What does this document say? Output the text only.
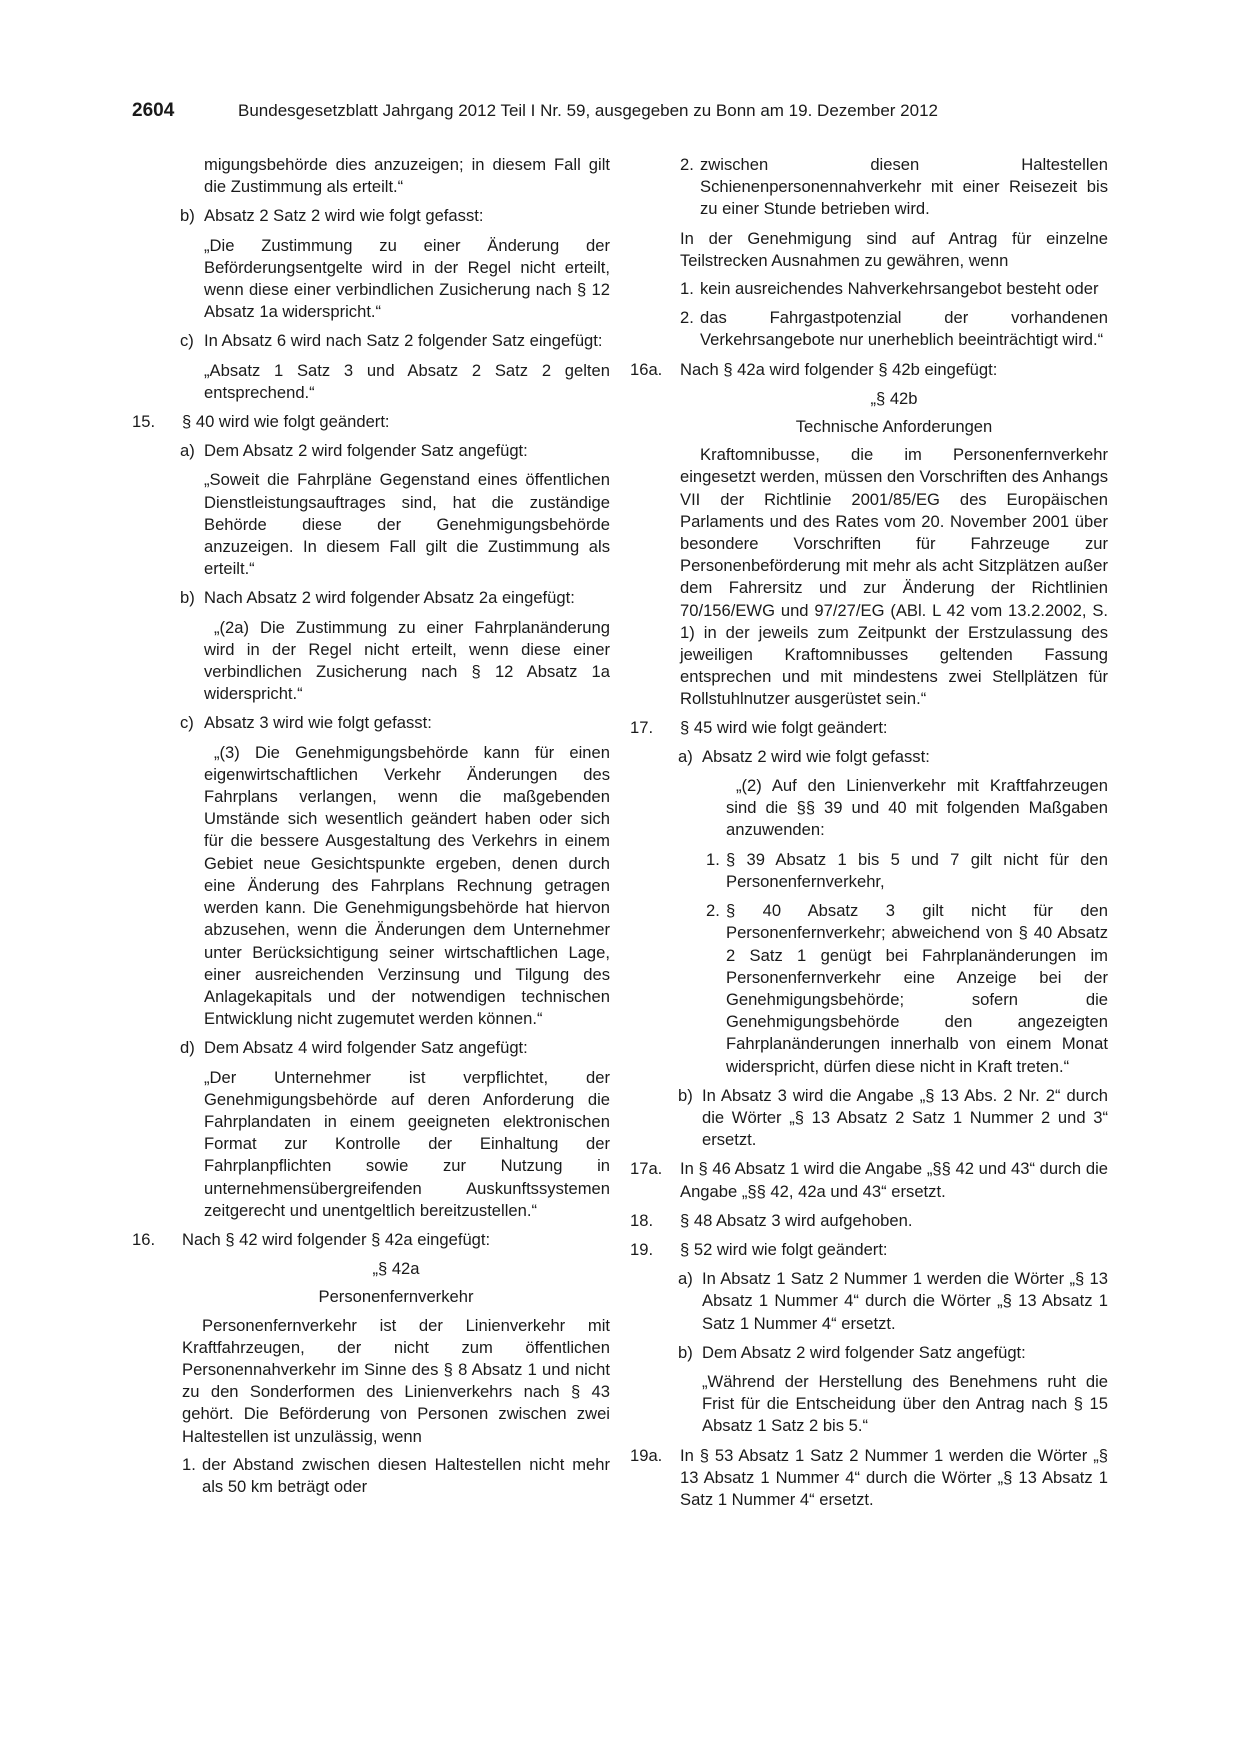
2604	Bundesgesetzblatt Jahrgang 2012 Teil I Nr. 59, ausgegeben zu Bonn am 19. Dezember 2012

migungsbehörde dies anzuzeigen; in diesem Fall gilt die Zustimmung als erteilt.“

b) Absatz 2 Satz 2 wird wie folgt gefasst:

„Die Zustimmung zu einer Änderung der Beförderungsentgelte wird in der Regel nicht erteilt, wenn diese einer verbindlichen Zusicherung nach § 12 Absatz 1a widerspricht.“

c) In Absatz 6 wird nach Satz 2 folgender Satz eingefügt:

„Absatz 1 Satz 3 und Absatz 2 Satz 2 gelten entsprechend.“

15. § 40 wird wie folgt geändert:

a) Dem Absatz 2 wird folgender Satz angefügt:

„Soweit die Fahrpläne Gegenstand eines öffentlichen Dienstleistungsauftrages sind, hat die zuständige Behörde diese der Genehmigungsbehörde anzuzeigen. In diesem Fall gilt die Zustimmung als erteilt.“

b) Nach Absatz 2 wird folgender Absatz 2a eingefügt:

„(2a) Die Zustimmung zu einer Fahrplanänderung wird in der Regel nicht erteilt, wenn diese einer verbindlichen Zusicherung nach § 12 Absatz 1a widerspricht.“

c) Absatz 3 wird wie folgt gefasst:

„(3) Die Genehmigungsbehörde kann für einen eigenwirtschaftlichen Verkehr Änderungen des Fahrplans verlangen, wenn die maßgebenden Umstände sich wesentlich geändert haben oder sich für die bessere Ausgestaltung des Verkehrs in einem Gebiet neue Gesichtspunkte ergeben, denen durch eine Änderung des Fahrplans Rechnung getragen werden kann. Die Genehmigungsbehörde hat hiervon abzusehen, wenn die Änderungen dem Unternehmer unter Berücksichtigung seiner wirtschaftlichen Lage, einer ausreichenden Verzinsung und Tilgung des Anlagekapitals und der notwendigen technischen Entwicklung nicht zugemutet werden können.“

d) Dem Absatz 4 wird folgender Satz angefügt:

„Der Unternehmer ist verpflichtet, der Genehmigungsbehörde auf deren Anforderung die Fahrplandaten in einem geeigneten elektronischen Format zur Kontrolle der Einhaltung der Fahrplanpflichten sowie zur Nutzung in unternehmensübergreifenden Auskunftssystemen zeitgerecht und unentgeltlich bereitzustellen.“

16. Nach § 42 wird folgender § 42a eingefügt:

„§ 42a

Personenfernverkehr

Personenfernverkehr ist der Linienverkehr mit Kraftfahrzeugen, der nicht zum öffentlichen Personennahverkehr im Sinne des § 8 Absatz 1 und nicht zu den Sonderformen des Linienverkehrs nach § 43 gehört. Die Beförderung von Personen zwischen zwei Haltestellen ist unzulässig, wenn

1. der Abstand zwischen diesen Haltestellen nicht mehr als 50 km beträgt oder

2. zwischen diesen Haltestellen Schienenpersonennahverkehr mit einer Reisezeit bis zu einer Stunde betrieben wird.

In der Genehmigung sind auf Antrag für einzelne Teilstrecken Ausnahmen zu gewähren, wenn

1. kein ausreichendes Nahverkehrsangebot besteht oder

2. das Fahrgastpotenzial der vorhandenen Verkehrsangebote nur unerheblich beeinträchtigt wird.“

16a. Nach § 42a wird folgender § 42b eingefügt:

„§ 42b

Technische Anforderungen

Kraftomnibusse, die im Personenfernverkehr eingesetzt werden, müssen den Vorschriften des Anhangs VII der Richtlinie 2001/85/EG des Europäischen Parlaments und des Rates vom 20. November 2001 über besondere Vorschriften für Fahrzeuge zur Personenbeförderung mit mehr als acht Sitzplätzen außer dem Fahrersitz und zur Änderung der Richtlinien 70/156/EWG und 97/27/EG (ABl. L 42 vom 13.2.2002, S. 1) in der jeweils zum Zeitpunkt der Erstzulassung des jeweiligen Kraftomnibusses geltenden Fassung entsprechen und mit mindestens zwei Stellplätzen für Rollstuhlnutzer ausgerüstet sein.“

17. § 45 wird wie folgt geändert:

a) Absatz 2 wird wie folgt gefasst:

„(2) Auf den Linienverkehr mit Kraftfahrzeugen sind die §§ 39 und 40 mit folgenden Maßgaben anzuwenden:

1. § 39 Absatz 1 bis 5 und 7 gilt nicht für den Personenfernverkehr,

2. § 40 Absatz 3 gilt nicht für den Personenfernverkehr; abweichend von § 40 Absatz 2 Satz 1 genügt bei Fahrplanänderungen im Personenfernverkehr eine Anzeige bei der Genehmigungsbehörde; sofern die Genehmigungsbehörde den angezeigten Fahrplanänderungen innerhalb von einem Monat widerspricht, dürfen diese nicht in Kraft treten.“

b) In Absatz 3 wird die Angabe „§ 13 Abs. 2 Nr. 2“ durch die Wörter „§ 13 Absatz 2 Satz 1 Nummer 2 und 3“ ersetzt.

17a. In § 46 Absatz 1 wird die Angabe „§§ 42 und 43“ durch die Angabe „§§ 42, 42a und 43“ ersetzt.

18. § 48 Absatz 3 wird aufgehoben.

19. § 52 wird wie folgt geändert:

a) In Absatz 1 Satz 2 Nummer 1 werden die Wörter „§ 13 Absatz 1 Nummer 4“ durch die Wörter „§ 13 Absatz 1 Satz 1 Nummer 4“ ersetzt.

b) Dem Absatz 2 wird folgender Satz angefügt:

„Während der Herstellung des Benehmens ruht die Frist für die Entscheidung über den Antrag nach § 15 Absatz 1 Satz 2 bis 5.“

19a. In § 53 Absatz 1 Satz 2 Nummer 1 werden die Wörter „§ 13 Absatz 1 Nummer 4“ durch die Wörter „§ 13 Absatz 1 Satz 1 Nummer 4“ ersetzt.
